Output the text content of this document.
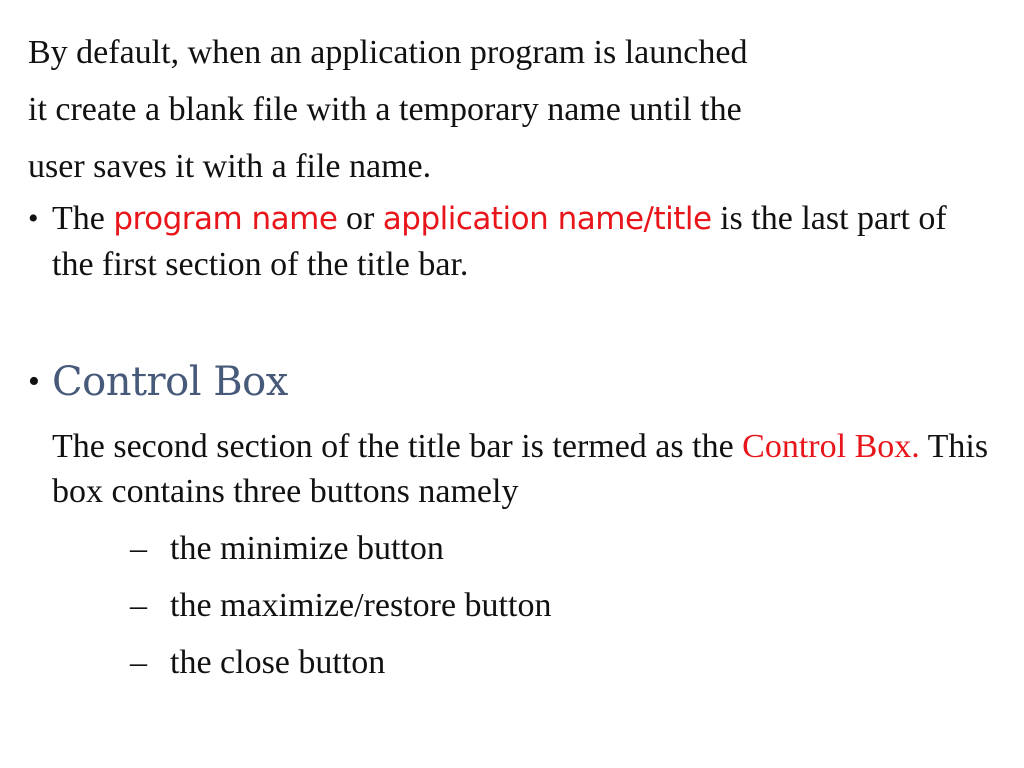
By default, when an application program is launched
it create a blank file with a temporary name until the
user saves it with a file name.

• The program name or application name/title is the last part of the first section of the title bar.
• Control Box

The second section of the title bar is termed as the Control Box. This box contains three buttons namely

– the minimize button
– the maximize/restore button
– the close button
